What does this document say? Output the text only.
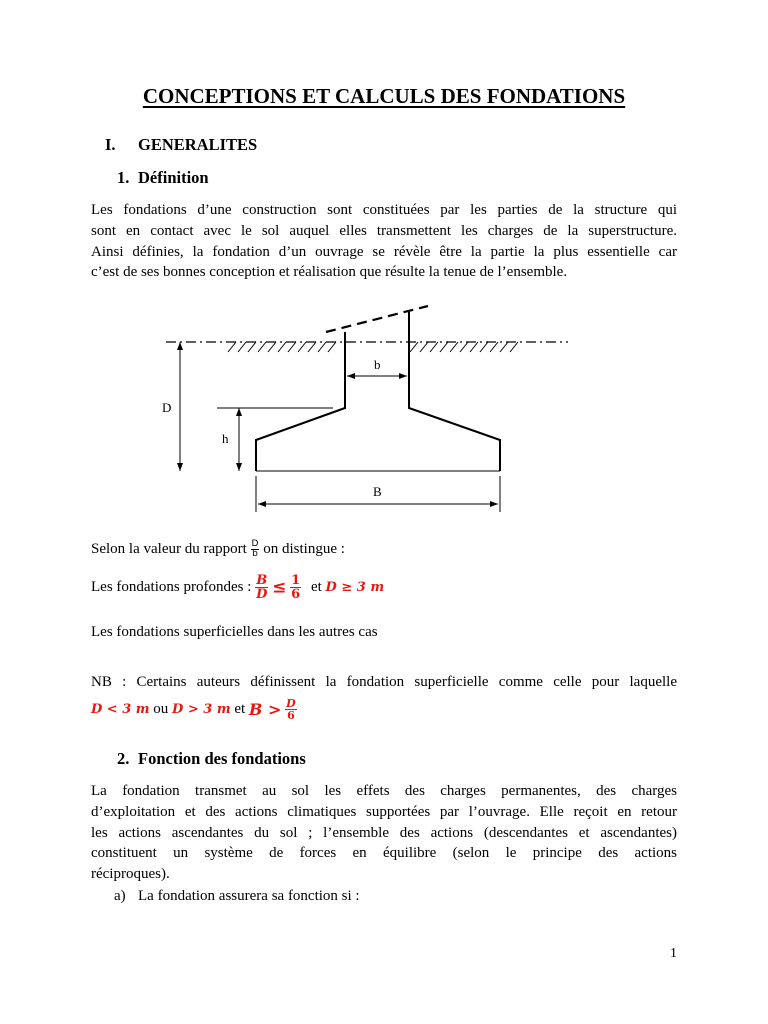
CONCEPTIONS ET CALCULS DES FONDATIONS
I. GENERALITES
1. Définition
Les fondations d’une construction sont constituées par les parties de la structure qui
sont en contact avec le sol auquel elles transmettent les charges de la superstructure.
Ainsi définies, la fondation d’un ouvrage se révèle être la partie la plus essentielle car
c’est de ses bonnes conception et réalisation que résulte la tenue de l’ensemble.
b
D
h
B
Selon la valeur du rapport $\frac{D}{b}$ on distingue :
Les fondations profondes : $\frac{B}{D} \le \frac{1}{6}$ et D ≥ 3 m
Les fondations superficielles dans les autres cas
NB : Certains auteurs définissent la fondation superficielle comme celle pour laquelle
D < 3 m ou D > 3 m et $B > \frac{D}{6}$
2. Fonction des fondations
La fondation transmet au sol les effets des charges permanentes, des charges
d’exploitation et des actions climatiques supportées par l’ouvrage. Elle reçoit en retour
les actions ascendantes du sol ; l’ensemble des actions (descendantes et ascendantes)
constituent un système de forces en équilibre (selon le principe des actions
réciproques).
a) La fondation assurera sa fonction si :
1
